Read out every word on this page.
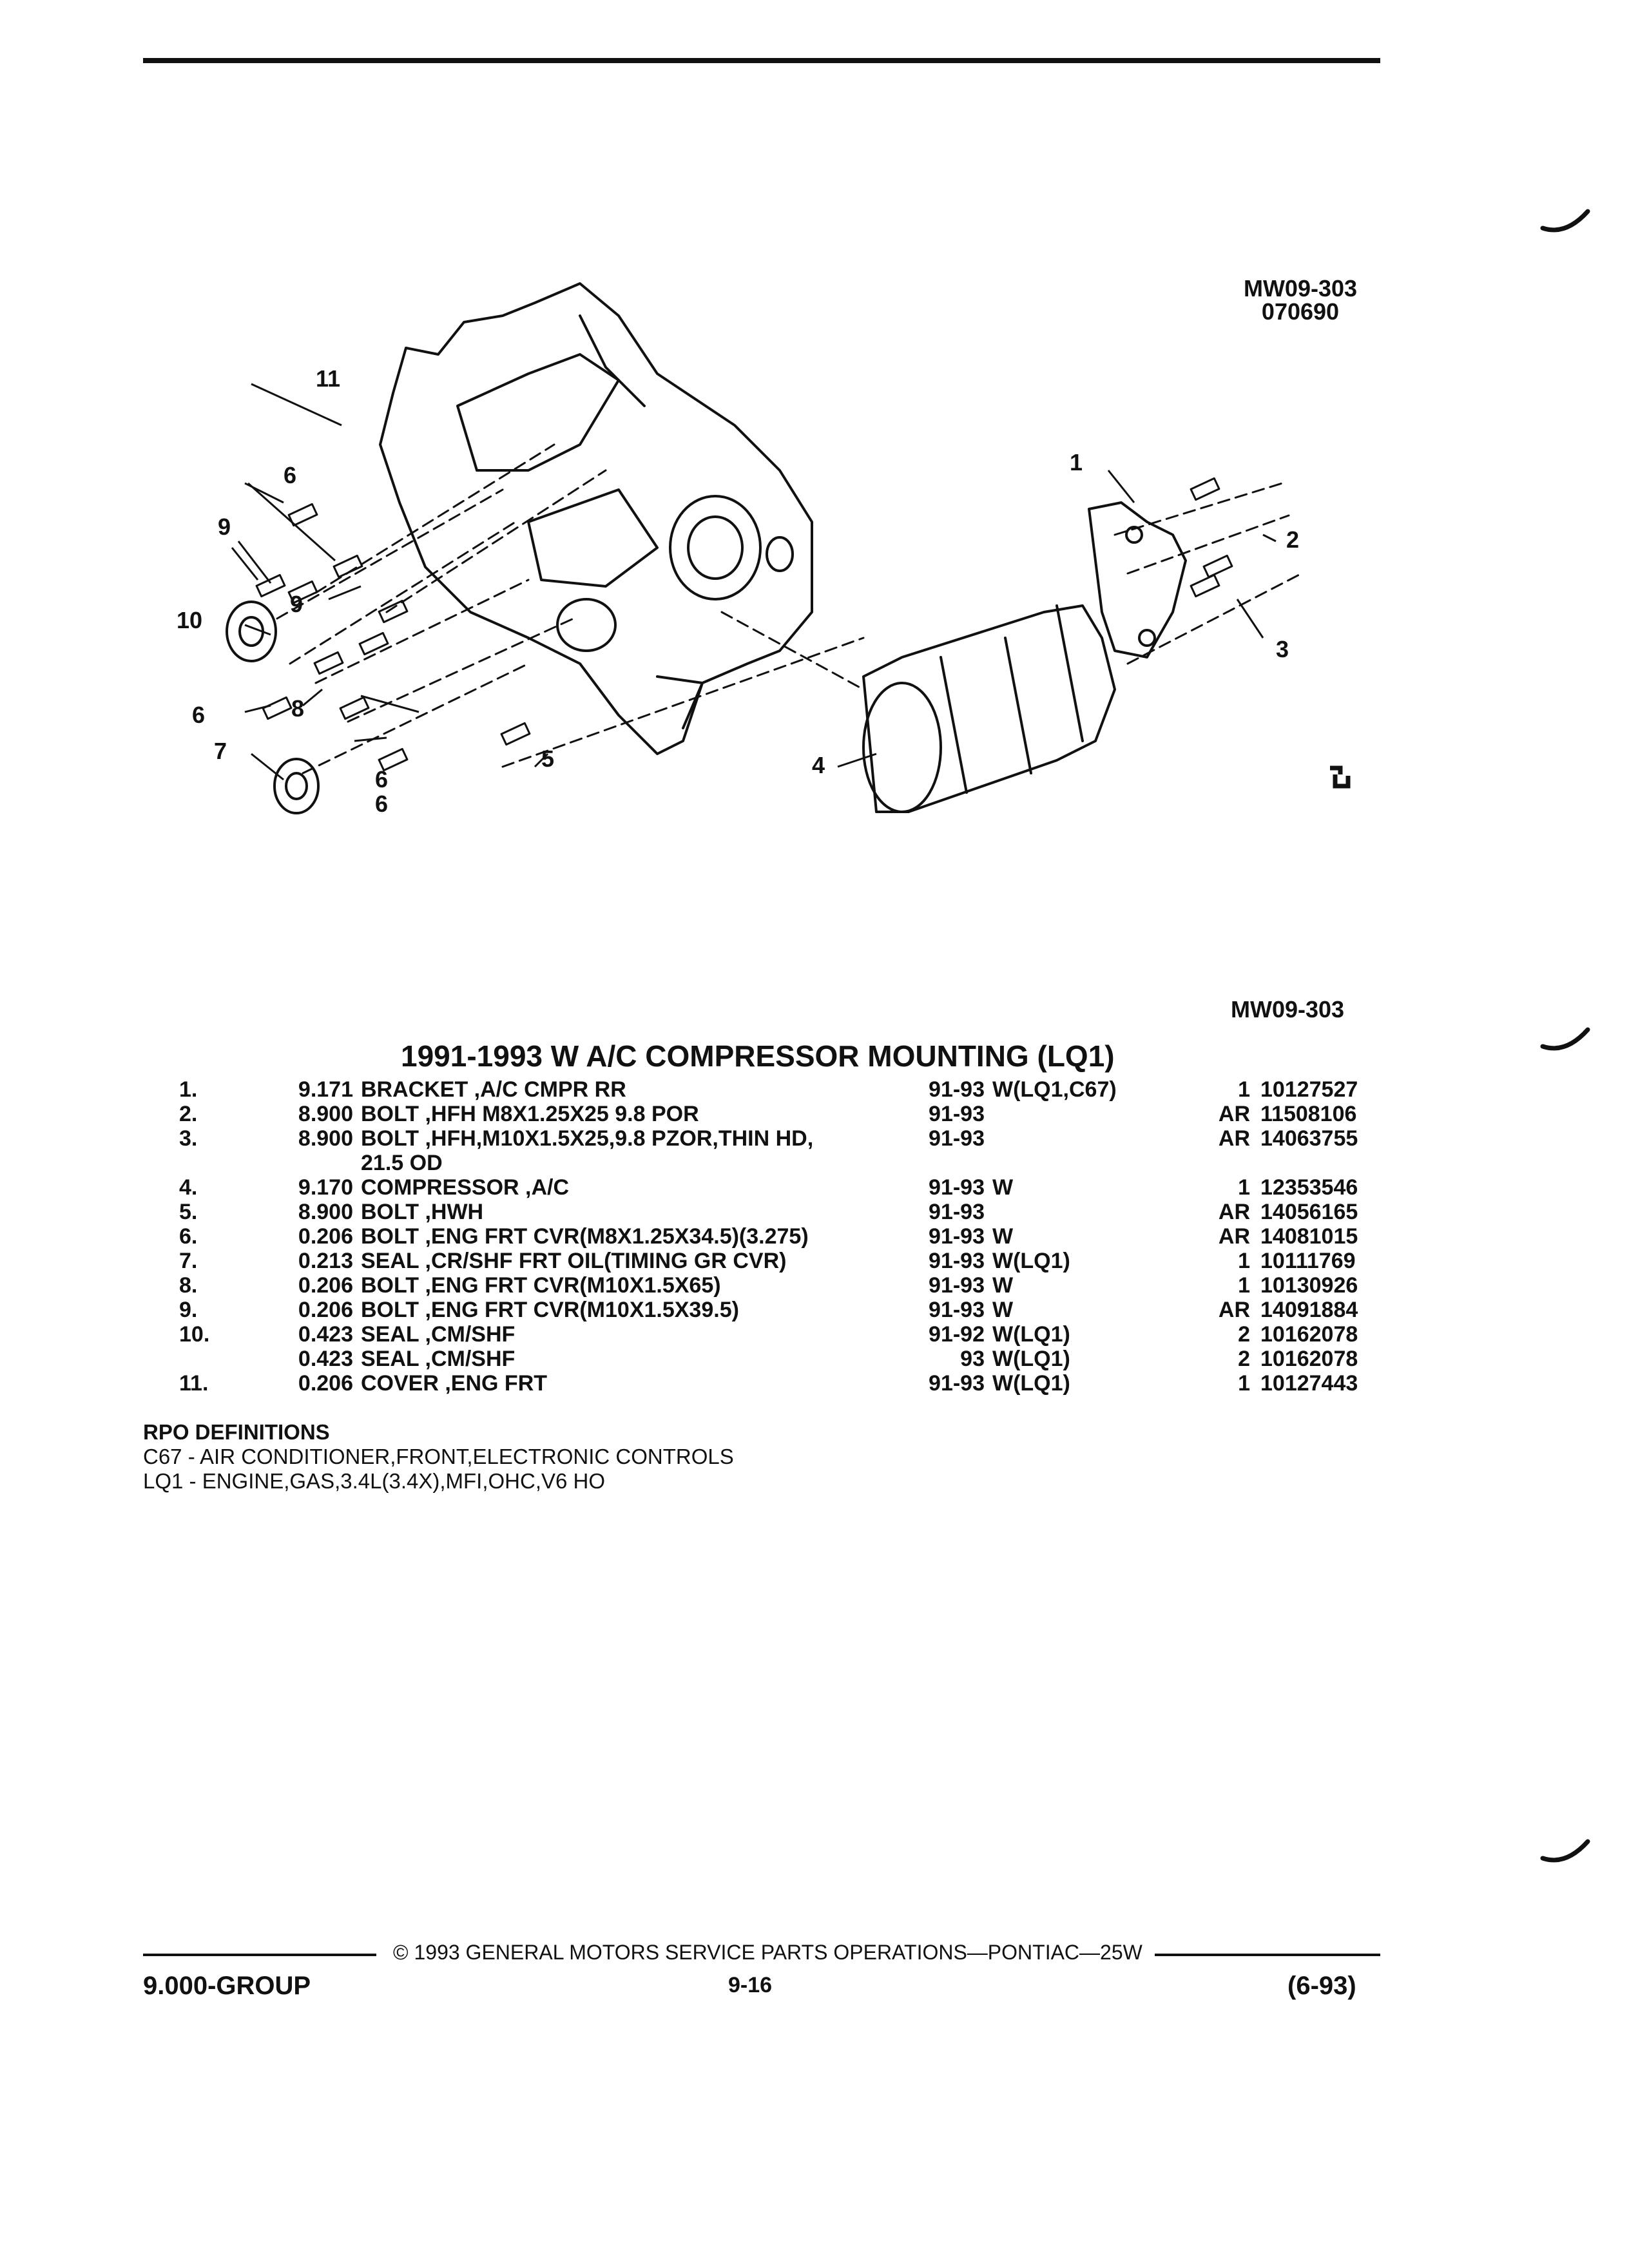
MW09-303
070690
11
6
9
9
10
6	8
7
6
6
5	4
1
2
3
MW09-303
1991-1993 W A/C COMPRESSOR MOUNTING (LQ1)
1.	9.171 BRACKET ,A/C CMPR RR	91-93 W(LQ1,C67)	1 10127527
2.	8.900 BOLT ,HFH M8X1.25X25 9.8 POR	91-93	AR 11508106
3.	8.900 BOLT ,HFH,M10X1.5X25,9.8 PZOR,THIN HD,
21.5 OD
91-93	AR 14063755
4.	9.170 COMPRESSOR ,A/C	91-93 W	1 12353546
5.	8.900 BOLT ,HWH	91-93	AR 14056165
6.	0.206 BOLT ,ENG FRT CVR(M8X1.25X34.5)(3.275)	91-93 W	AR 14081015
7.	0.213 SEAL ,CR/SHF FRT OIL(TIMING GR CVR)	91-93 W(LQ1)	1 10111769
8.	0.206 BOLT ,ENG FRT CVR(M10X1.5X65)	91-93 W	1 10130926
9.	0.206 BOLT ,ENG FRT CVR(M10X1.5X39.5)	91-93 W	AR 14091884
10.	0.423 SEAL ,CM/SHF	91-92 W(LQ1)	2 10162078
0.423 SEAL ,CM/SHF	93 W(LQ1)	2 10162078
11.	0.206 COVER ,ENG FRT	91-93 W(LQ1)	1 10127443
RPO DEFINITIONS
C67 - AIR CONDITIONER,FRONT,ELECTRONIC CONTROLS
LQ1 - ENGINE,GAS,3.4L(3.4X),MFI,OHC,V6 HO
© 1993 GENERAL MOTORS SERVICE PARTS OPERATIONS—PONTIAC—25W
9.000-GROUP	9-16	(6-93)
